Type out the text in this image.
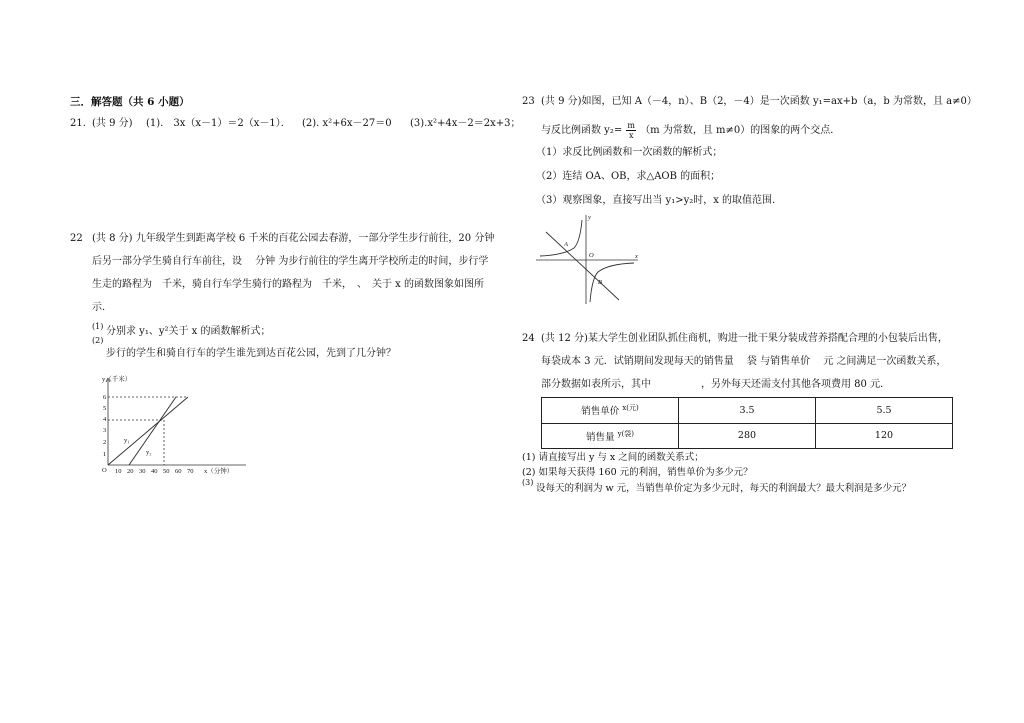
三．解答题（共 6 小题）
21. (共 9 分) (1).　3x（x－1）＝2（x－1）． (2). x²+6x－27＝0 (3).x²+4x－2＝2x+3；
22 (共 8 分) 九年级学生到距离学校 6 千米的百花公园去春游，一部分学生步行前往，20 分钟
后另一部分学生骑自行车前往，设　 分钟 为步行前往的学生离开学校所走的时间，步行学
生走的路程为　千米，骑自行车学生骑行的路程为　千米，　、　关于 x 的函数图象如图所
示．
(1) 分别求 y₁、y²关于 x 的函数解析式；
(2)
步行的学生和骑自行车的学生谁先到达百花公园，先到了几分钟？
y（千米）
1
2
3
4
5
6
O 10 20 30 40 50 60 70 x（分钟）
y₁
y₂
23 (共 9 分)如图，已知 A（－4，n）、B（2，－4）是一次函数 y₁=ax+b（a，b 为常数，且 a≠0）
与反比例函数 $y_2= \frac{m}{x} (m$ 为常数，且 m≠0）的图象的两个交点．
（1）求反比例函数和一次函数的解析式；
（2）连结 OA、OB，求△AOB 的面积；
（3）观察图象，直接写出当 y₁>y₂时，x 的取值范围．
x
y
O
A
B
24 (共 12 分)某大学生创业团队抓住商机，购进一批干果分装成营养搭配合理的小包装后出售，
每袋成本 3 元．试销期间发现每天的销售量　 袋 与销售单价　 元 之间满足一次函数关系，
部分数据如表所示，其中　　　　　，另外每天还需支付其他各项费用 80 元．
销售单价 $^{x(元)}$	3.5	5.5
销售量 $^{y(袋)}$	280	120
(1) 请直接写出 y 与 x 之间的函数关系式；
(2) 如果每天获得 160 元的利润，销售单价为多少元？
(3)
设每天的利润为 w 元，当销售单价定为多少元时，每天的利润最大？最大利润是多少元？
